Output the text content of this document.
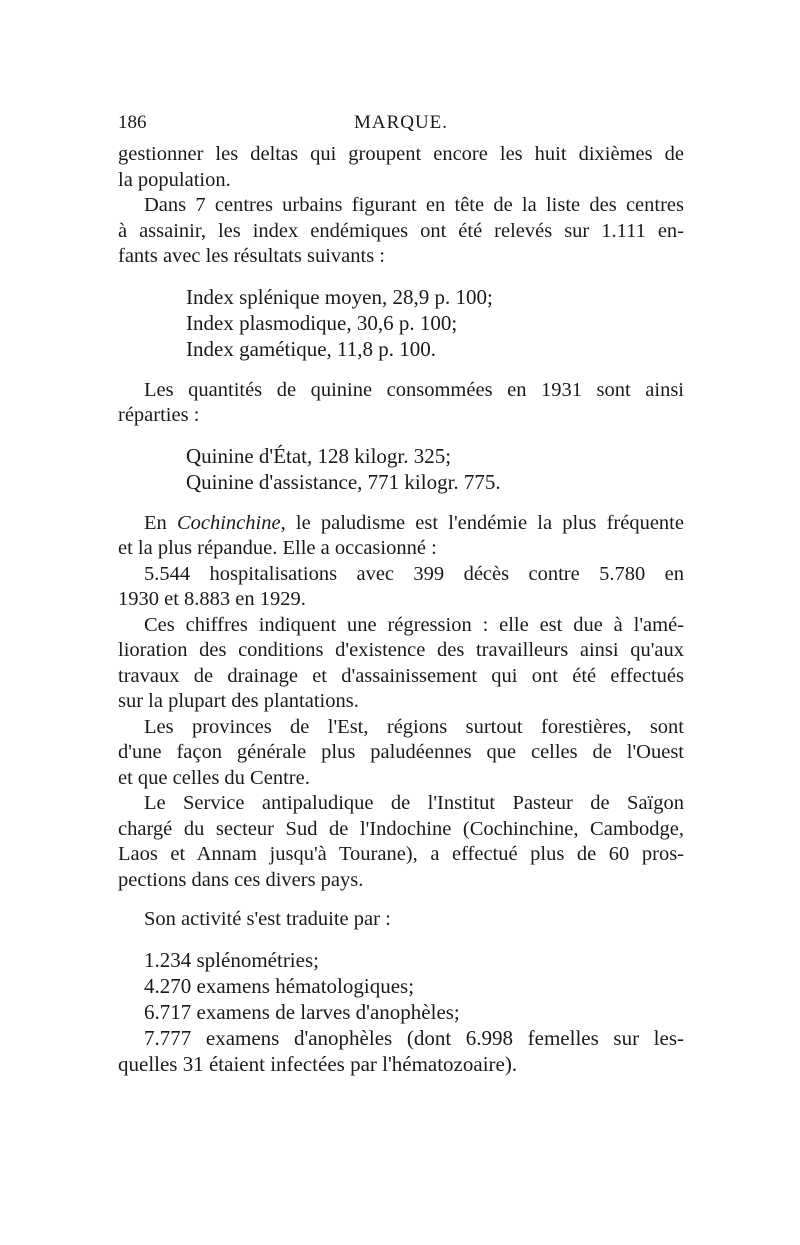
186	MARQUE.

gestionner les deltas qui groupent encore les huit dixièmes de
la population.

Dans 7 centres urbains figurant en tête de la liste des centres
à assainir, les index endémiques ont été relevés sur 1.111 en-
fants avec les résultats suivants :

Index splénique moyen, 28,9 p. 100;
Index plasmodique, 30,6 p. 100;
Index gamétique, 11,8 p. 100.

Les quantités de quinine consommées en 1931 sont ainsi
réparties :

Quinine d'État, 128 kilogr. 325;
Quinine d'assistance, 771 kilogr. 775.

En Cochinchine, le paludisme est l'endémie la plus fréquente
et la plus répandue. Elle a occasionné :

5.544 hospitalisations avec 399 décès contre 5.780 en
1930 et 8.883 en 1929.

Ces chiffres indiquent une régression : elle est due à l'amé-
lioration des conditions d'existence des travailleurs ainsi qu'aux
travaux de drainage et d'assainissement qui ont été effectués
sur la plupart des plantations.

Les provinces de l'Est, régions surtout forestières, sont
d'une façon générale plus paludéennes que celles de l'Ouest
et que celles du Centre.

Le Service antipaludique de l'Institut Pasteur de Saïgon
chargé du secteur Sud de l'Indochine (Cochinchine, Cambodge,
Laos et Annam jusqu'à Tourane), a effectué plus de 60 pros-
pections dans ces divers pays.

Son activité s'est traduite par :

1.234 splénométries;
4.270 examens hématologiques;
6.717 examens de larves d'anophèles;
7.777 examens d'anophèles (dont 6.998 femelles sur les-
quelles 31 étaient infectées par l'hématozoaire).
